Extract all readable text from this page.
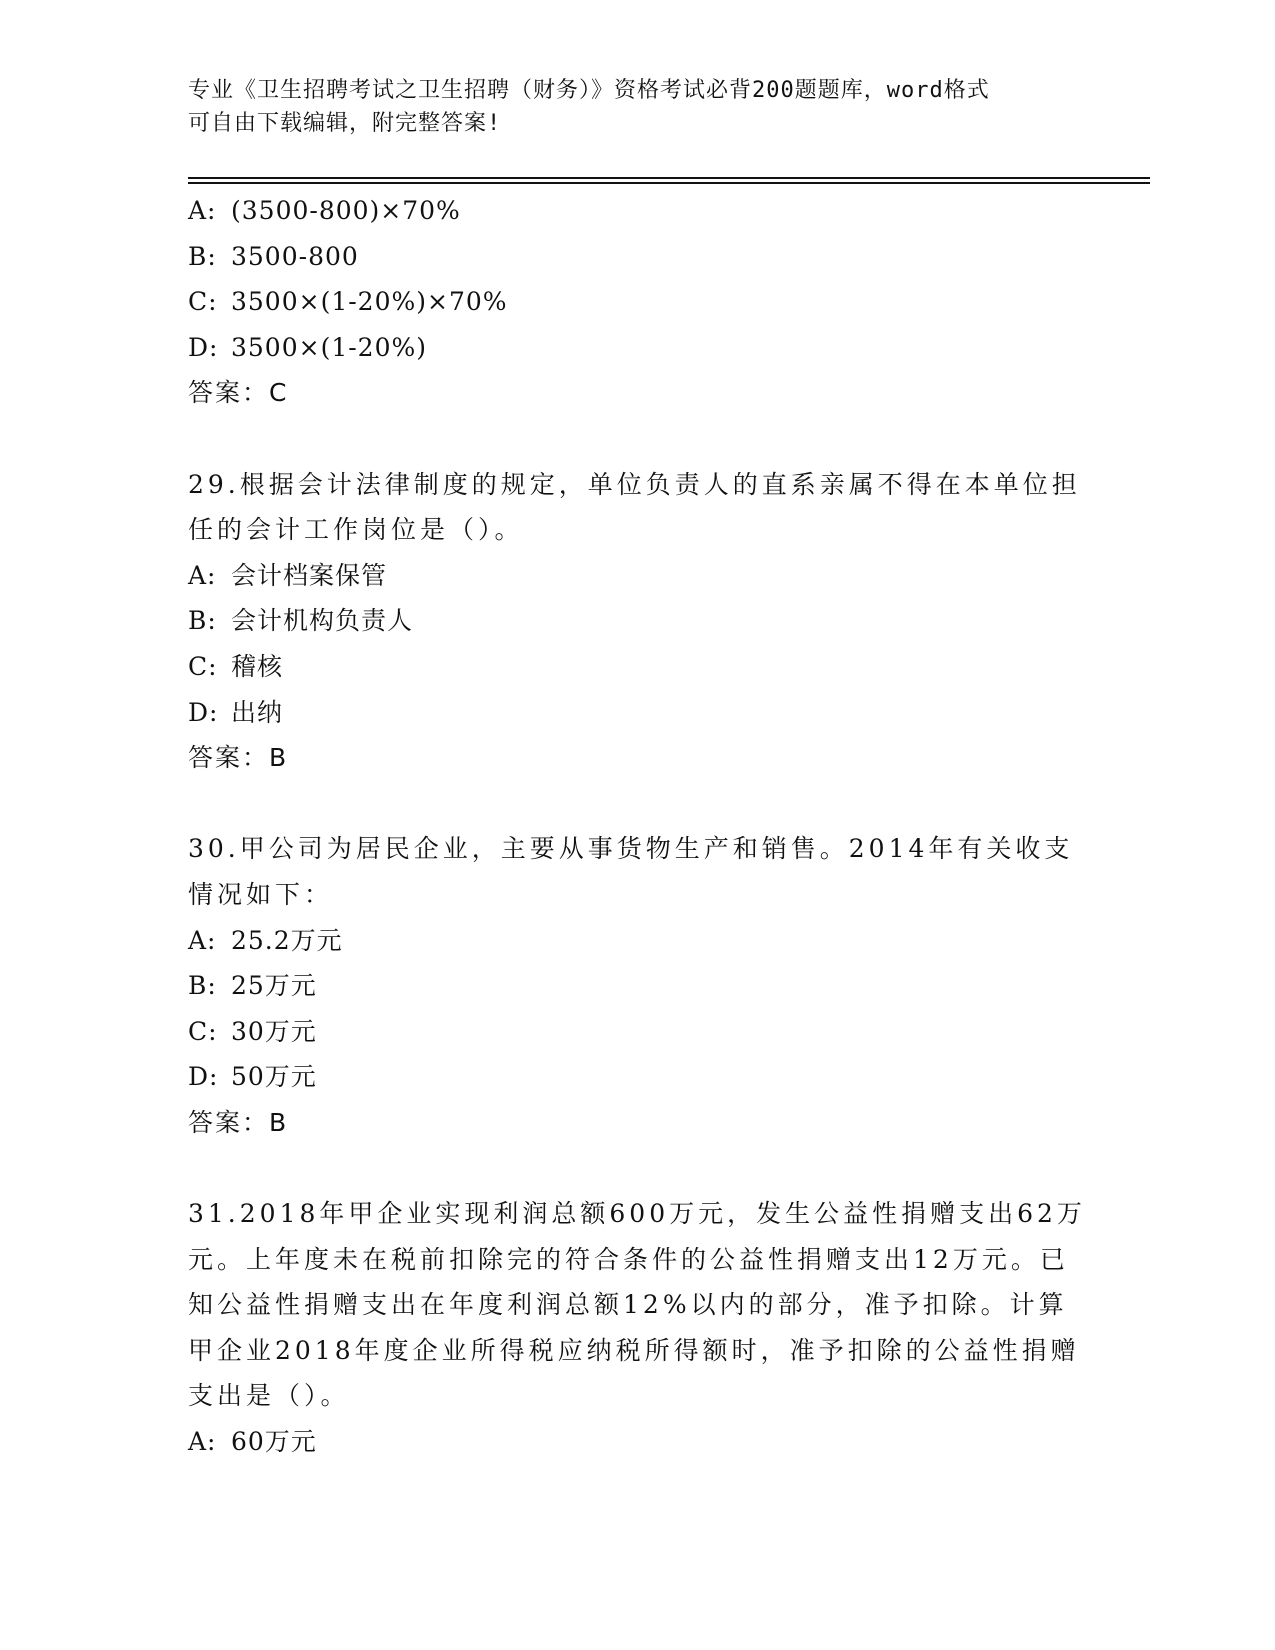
专业《卫生招聘考试之卫生招聘（财务）》资格考试必背200题题库，word格式
可自由下载编辑，附完整答案!
A: (3500-800)×70%
B: 3500-800
C: 3500×(1-20%)×70%
D: 3500×(1-20%)
答案：C
29.根据会计法律制度的规定，单位负责人的直系亲属不得在本单位担任的会计工作岗位是（）。
A: 会计档案保管
B: 会计机构负责人
C: 稽核
D: 出纳
答案：B
30.甲公司为居民企业，主要从事货物生产和销售。2014年有关收支情况如下：
A: 25.2万元
B: 25万元
C: 30万元
D: 50万元
答案：B
31.2018年甲企业实现利润总额600万元，发生公益性捐赠支出62万元。上年度未在税前扣除完的符合条件的公益性捐赠支出12万元。已知公益性捐赠支出在年度利润总额12%以内的部分，准予扣除。计算甲企业2018年度企业所得税应纳税所得额时，准予扣除的公益性捐赠支出是（）。
A: 60万元
